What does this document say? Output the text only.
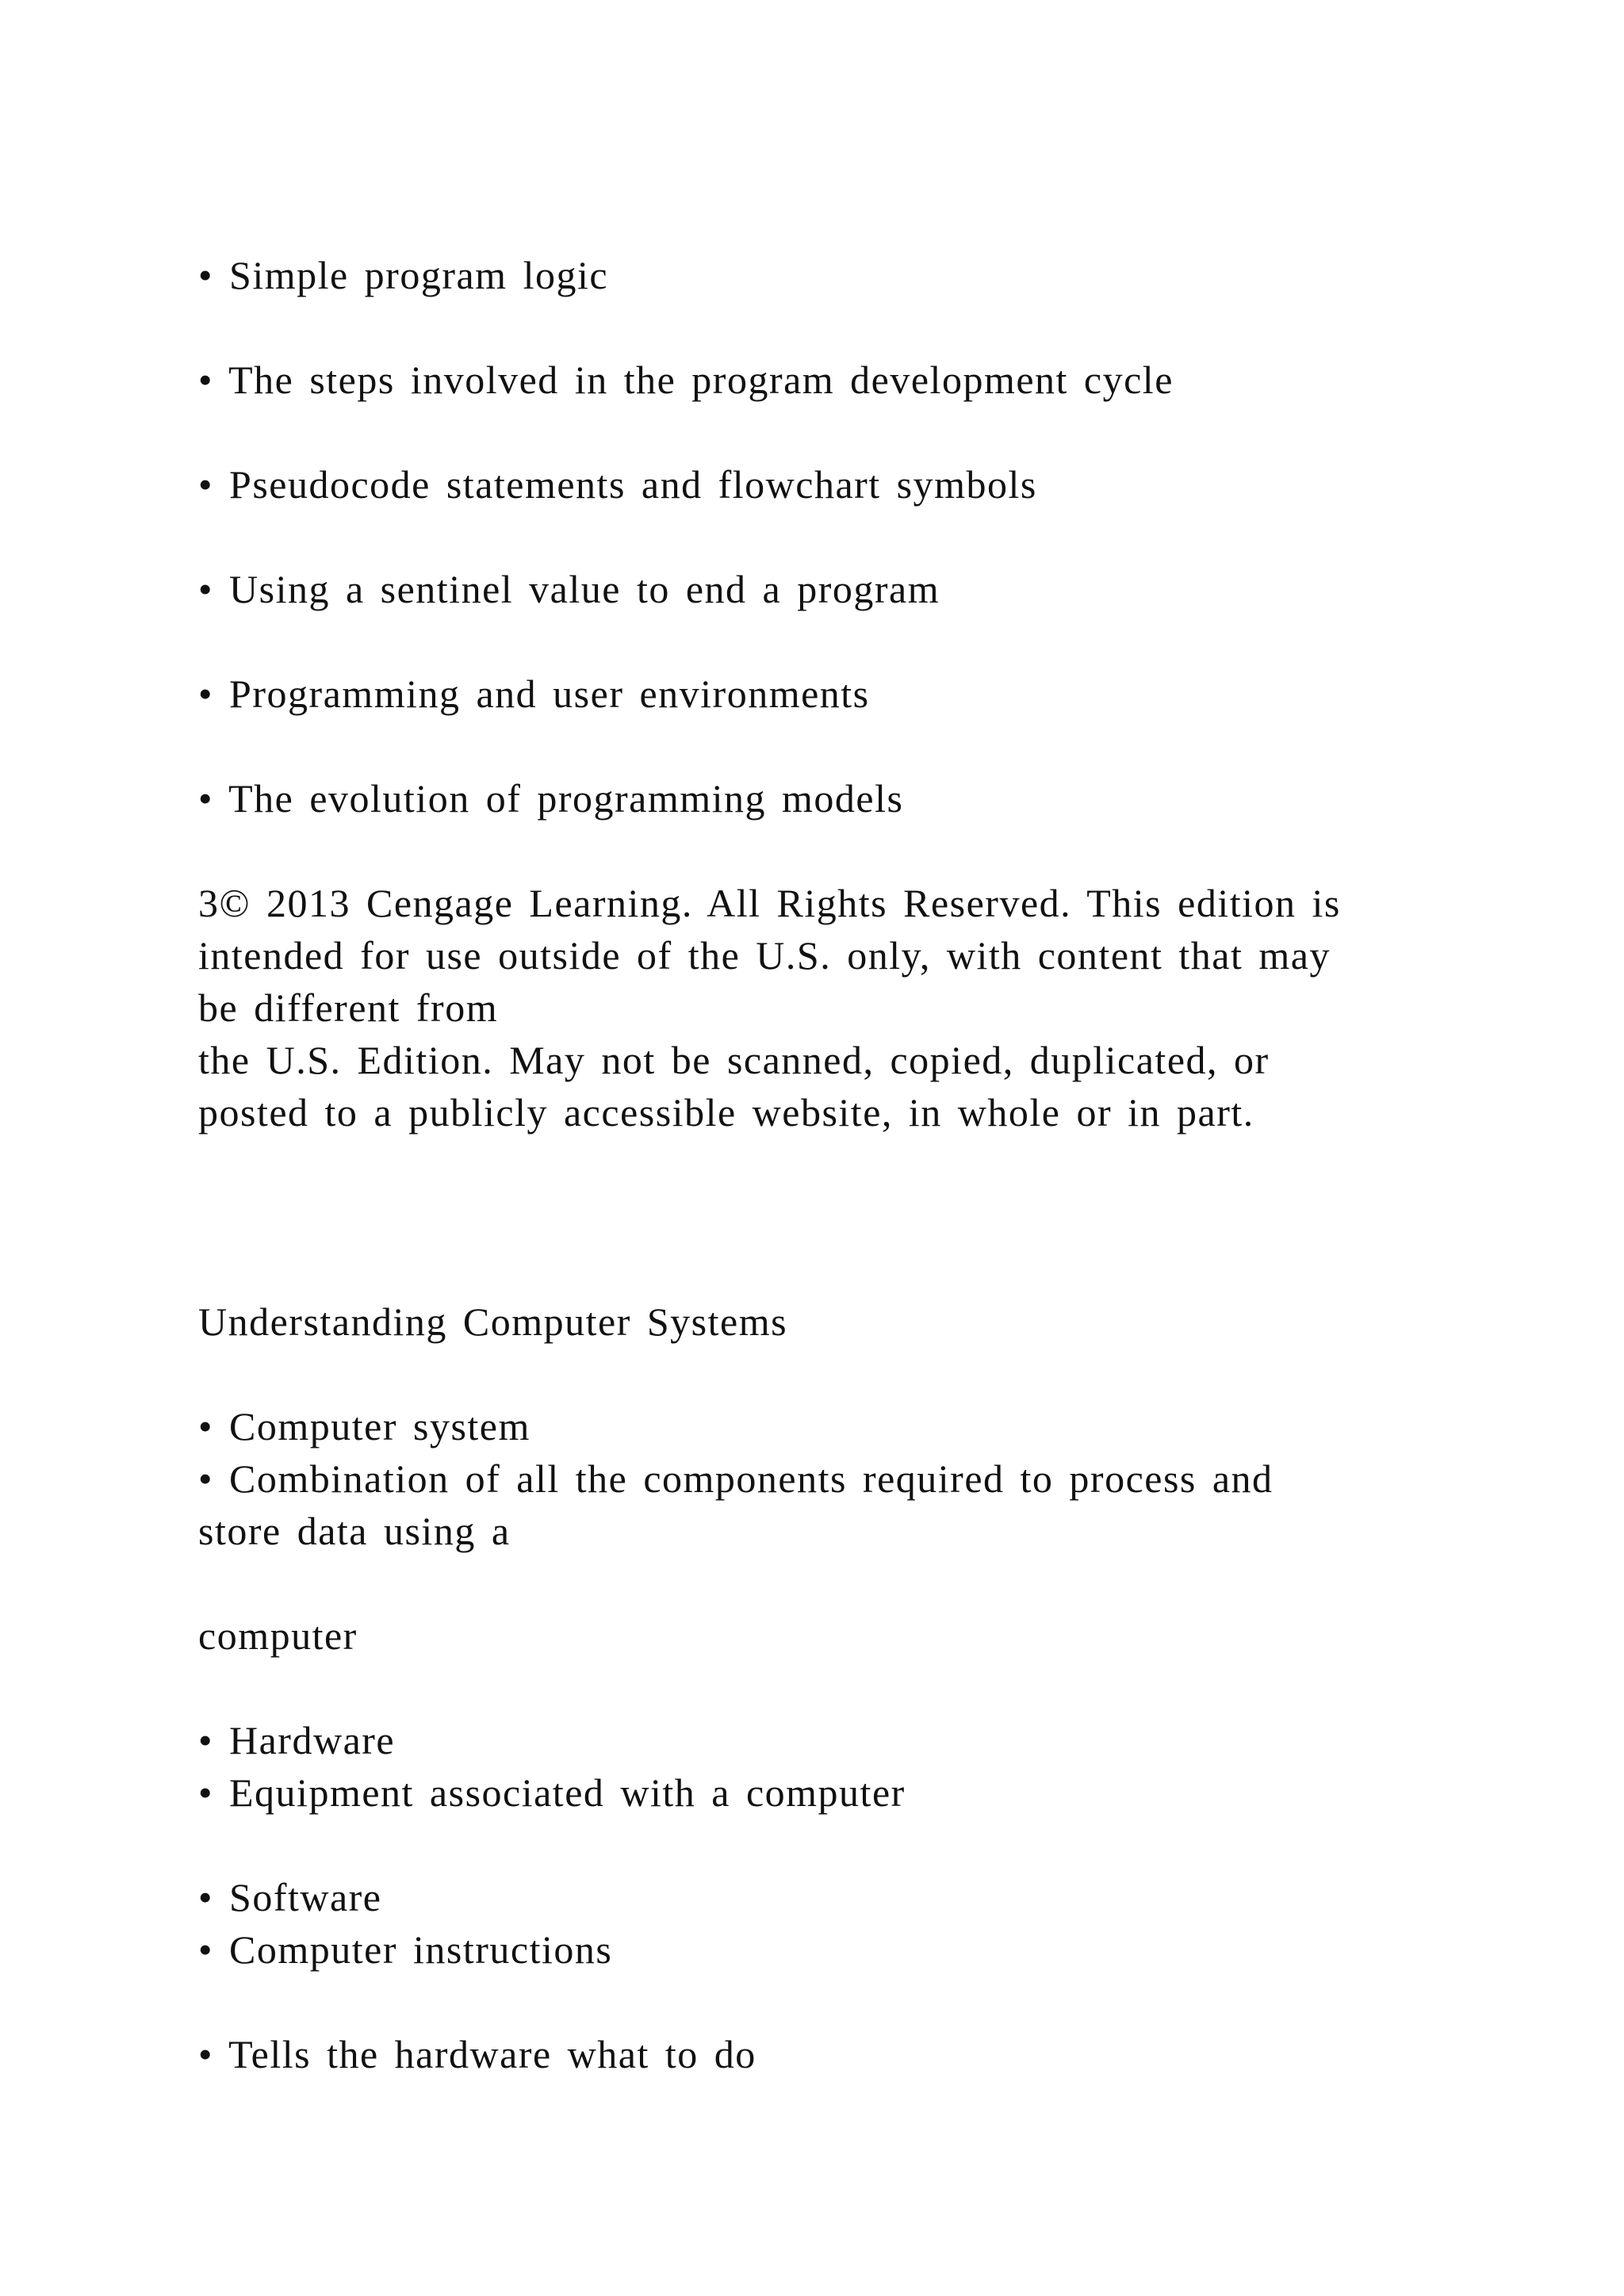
• Simple program logic
• The steps involved in the program development cycle
• Pseudocode statements and flowchart symbols
• Using a sentinel value to end a program
• Programming and user environments
• The evolution of programming models
3© 2013 Cengage Learning. All Rights Reserved. This edition is
intended for use outside of the U.S. only, with content that may
be different from
the U.S. Edition. May not be scanned, copied, duplicated, or
posted to a publicly accessible website, in whole or in part.
Understanding Computer Systems
• Computer system
• Combination of all the components required to process and
store data using a
computer
• Hardware
• Equipment associated with a computer
• Software
• Computer instructions
• Tells the hardware what to do
